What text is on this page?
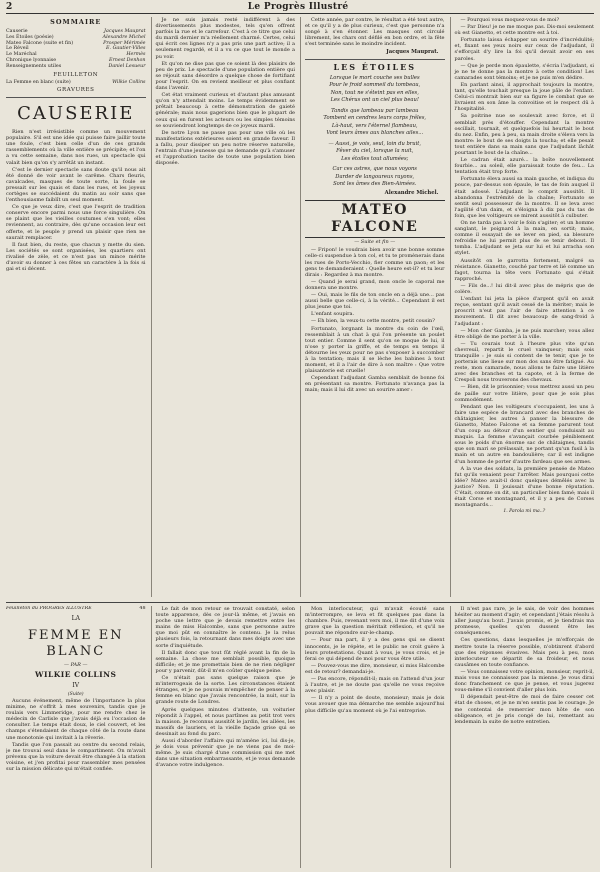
2	Le Progrès Illustré
SOMMAIRE
Causerie	Jacques Mauprat
Les Étoiles (poésie)	Alexandre Michel
Mateo Falcone (suite et fin)	Prosper Mérimée
Le Réveil	E. Gautier-Villes
Le Maréchal	Hermès
Chronique lyonnaise	Ernest Denhon
Renseignements utiles	Daniel Lesueur
FEUILLETON
La Femme en blanc (suite)	Wilkie Collins
GRAVURES
CAUSERIE

Rien n'est irrésistible comme un mouvement populaire. S'il est une idée qui puisse faire jaillir toute une foule, c'est bien celle d'un de ces grands rassemblements où la ville entière se précipite; et l'on a vu cette semaine, dans nos rues, un spectacle qui valait bien qu'on s'y arrêtât un instant.

C'est le dernier spectacle sans doute qu'il nous ait été donné de voir avant le carême. Chars fleuris, cavalcades, masques de toute sorte, la foule se pressait sur les quais et dans les rues, et les joyeux cortèges se succédaient du matin au soir sans que l'enthousiasme faiblît un seul moment.

Ce que je veux dire, c'est que l'esprit de tradition conserve encore parmi nous une force singulière. On se plaint que les vieilles coutumes s'en vont; elles reviennent, au contraire, dès qu'une occasion leur est offerte, et le peuple y prend un plaisir que rien ne saurait remplacer.

Il faut bien, du reste, que chacun y mette du sien. Les sociétés se sont organisées, les quartiers ont rivalisé de zèle, et ce n'est pas un mince mérite d'avoir su donner à ces fêtes un caractère à la fois si gai et si décent.

Je ne suis jamais resté indifférent à des divertissements plus modestes, tels qu'en offrent parfois la rue et le carrefour. C'est à ce titre que celui du mardi dernier m'a réellement charmé. Certes, celui qui écrit ces lignes n'y a pas pris une part active; il a seulement regardé, et il a vu ce que tout le monde a pu voir.

Et qu'on ne dise pas que ce soient là des plaisirs de peu de prix. Le spectacle d'une population entière qui se réjouit sans désordre a quelque chose de fortifiant pour l'esprit. On en revient meilleur et plus confiant dans l'avenir.

Cet état vraiment curieux et d'autant plus amusant qu'on n'y attendait moins. Le temps évidemment se prêtait beaucoup à cette démonstration de gaieté générale; mais nous gagerions bien que le plupart de ceux qui en furent les acteurs ou les simples témoins se souviendront longtemps de ce joyeux mardi.

De notre Lyon ne passe pas pour une ville où les manifestations extérieures soient en grande faveur. Il a fallu, pour dissiper un peu notre réserve naturelle, l'entrain d'une jeunesse qui ne demande qu'à s'amuser et l'approbation tacite de toute une population bien disposée.

Cette année, par contre, le résultat a été tout autre, et ce qu'il y a de plus curieux, c'est que personne n'a songé à s'en étonner. Les masques ont circulé librement, les chars ont défilé en bon ordre, et la fête s'est terminée sans le moindre incident.

Jacques Mauprat.
LES ÉTOILES
Lorsque le mort couche ses bulles
Pour le froid sommeil du tombeau,
Non, tout ne s'éteint pas en elles,
Les Chérus ont un ciel plus beau!
Tandis que lambeau par lambeau
Tombent en cendres leurs corps frêles,
Là-haut, vers l'éternel flambeau,
Vont leurs âmes aux blanches ailes...
— Aussi, je vois, seul, loin du bruit,
Fêver du ciel, lorsque la nuit,
Les étoiles tout allumées;
Car ces astres, que nous voyons
Darder de langoureux rayons,
Sont les âmes des Bien-Aimées.
Alexandre Michel.
MATEO FALCONE
— Suite et fin —

— Fripon! le voudrais bien avoir une bonne somme celle-ci suspendue à ton col, et tu te promènerais dans les rues de Porto-Vecchio, fier comme un paon; et les gens te demanderaient : Quelle heure est-il? et tu leur dirais : Regardez à ma montre.

— Quand je serai grand, mon oncle le caporal me donnera une montre.

— Oui, mais le fils de ton oncle en a déjà une... pas aussi belle que celle-ci, à la vérité... Cependant il est plus jeune que toi.

L'enfant soupira.

— Eh bien, la veux-tu cette montre, petit cousin?

Fortunato, lorgnant la montre du coin de l'œil, ressemblait à un chat à qui l'on présente un poulet tout entier. Comme il sent qu'on se moque de lui, il n'ose y porter la griffe, et de temps en temps il détourne les yeux pour ne pas s'exposer à succomber à la tentation; mais il se lèche les babines à tout moment, et il a l'air de dire à son maître : Que votre plaisanterie est cruelle!

Cependant l'adjudant Gamba semblait de bonne foi en présentant sa montre. Fortunato n'avança pas la main; mais il lui dit avec un sourire amer :

— Pourquoi vous moquez-vous de moi?

— Par Dieu! je ne me moque pas. Dis-moi seulement où est Gianetto, et cette montre est à toi.

Fortunato laissa échapper un sourire d'incrédulité; et, fixant ses yeux noirs sur ceux de l'adjudant, il s'efforçait d'y lire la foi qu'il devait avoir en ses paroles.

— Que je perde mon épaulette, s'écria l'adjudant, si je ne te donne pas la montre à cette condition! Les camarades sont témoins; et je ne puis m'en dédire.

En parlant ainsi, il approchait toujours la montre, tant, qu'elle touchait presque la joue pâle de l'enfant. Celui-ci montrait bien sur sa figure le combat que se livraient en son âme la convoitise et le respect dû à l'hospitalité.

Sa poitrine nue se soulevait avec force, et il semblait près d'étouffer. Cependant la montre oscillait, tournait, et quelquefois lui heurtait le bout du nez. Enfin, peu à peu, sa main droite s'éleva vers la montre: le bout de ses doigts la toucha; et elle pesait tout entière dans sa main sans que l'adjudant lâchât pourtant le bout de la chaîne...

Le cadran était azuré... la boîte nouvellement fourbie... au soleil, elle paraissait toute de feu... La tentation était trop forte.

Fortunato éleva aussi sa main gauche, et indiqua du pouce, par-dessus son épaule, le tas de foin auquel il était adossé. L'adjudant le comprit aussitôt. Il abandonna l'extrémité de la chaîne; Fortunato se sentit seul possesseur de la montre. Il se leva avec l'agilité d'un daim, et s'éloigna à dix pas du tas de foin, que les voltigeurs se mirent aussitôt à culbuter.

On ne tarda pas à voir le foin s'agiter; et un homme sanglant, le poignard à la main, en sortit; mais, comme il essayait de se lever en pied, sa blessure refroidie ne lui permit plus de se tenir debout. Il tomba. L'adjudant se jeta sur lui et lui arracha son stylet.

Aussitôt on le garrotta fortement, malgré sa résistance. Gianetto, couché par terre et lié comme un fagot, tourna la tête vers Fortunato qui s'était rapproché.

— Fils de...! lui dit-il avec plus de mépris que de colère.

L'enfant lui jeta la pièce d'argent qu'il en avait reçue, sentant qu'il avait cessé de la mériter; mais le proscrit n'eut pas l'air de faire attention à ce mouvement. Il dit avec beaucoup de sang-froid à l'adjudant :

— Mon cher Gamba, je ne puis marcher; vous allez être obligé de me porter à la ville.

— Tu courais tout à l'heure plus vite qu'un chevreuil, repartit le cruel vainqueur; mais sois tranquille : je suis si content de te tenir, que je te porterais une lieue sur mon dos sans être fatigué. Au reste, mon camarade, nous allons te faire une litière avec des branches et ta capote, et à la ferme de Crespoli nous trouverons des chevaux.

— Bien, dit le prisonnier; vous mettrez aussi un peu de paille sur votre litière, pour que je sois plus commodément.

Pendant que les voltigeurs s'occupaient, les uns à faire une espèce de brancard avec des branches de châtaignier, les autres à panser la blessure de Gianetto, Mateo Falcone et sa femme parurent tout d'un coup au détour d'un sentier qui conduisait au maquis. La femme s'avançait courbée péniblement sous le poids d'un énorme sac de châtaignes, tandis que son mari se prélassait, ne portant qu'un fusil à la main et un autre en bandoulière; car il est indigne d'un homme de porter d'autre fardeau que ses armes.

A la vue des soldats, la première pensée de Mateo fut qu'ils venaient pour l'arrêter. Mais pourquoi cette idée? Mateo avait-il donc quelques démêlés avec la justice? Non. Il jouissait d'une bonne réputation. C'était, comme on dit, un particulier bien famé; mais il était Corse et montagnard, et il y a peu de Corses montagnards...

1. Parola mi ma..?
Feuilleton du PROGRÈS ILLUSTRÉ	48
LA
FEMME EN BLANC
— PAR —
WILKIE COLLINS
IV
(Suite)

Aucuns événement, même de l'importance la plus minime, ne s'offrit à mes souvenirs, tandis que je roulais vers Limmeridge, pour me rendre chez le médecin de Carlisle que j'avais déjà eu l'occasion de consulter. Le temps était doux, le ciel couvert, et les champs s'étendaient de chaque côté de la route dans une monotonie qui invitait à la rêverie.

Tandis que l'on passait au centre du second relais, je me trouvai seul dans le compartiment. On m'avait prévenu que la voiture devait être changée à la station voisine, et j'en profitai pour rassembler mes pensées sur la mission délicate qui m'était confiée.

Le fait de mon retour se trouvait constaté, selon toute apparence, dès ce jour-là même, et j'avais en poche une lettre que je devais remettre entre les mains de miss Halcombe, sans que personne autre que moi pût en connaître le contenu. Je la relus plusieurs fois, la retournant dans mes doigts avec une sorte d'inquiétude.

Il fallait donc que tout fût réglé avant la fin de la semaine. La chose me semblait possible, quoique difficile; et je me promettais bien de ne rien négliger pour y parvenir, dût-il m'en coûter quelque peine.

Ce n'était pas sans quelque raison que je m'interrogeais de la sorte. Les circonstances étaient étranges, et je ne pouvais m'empêcher de penser à la femme en blanc que j'avais rencontrée, la nuit, sur la grande route de Londres.

Après quelques minutes d'attente, un voiturier répondit à l'appel, et nous partîmes au petit trot vers la maison. Je reconnus aussitôt le jardin, les allées, les massifs de lauriers, et la vieille façade grise qui se dessinait au fond du parc.

Aussi d'aborder l'affaire qui m'amène ici, lui dis-je, je dois vous prévenir que je ne viens pas de moi-même. Je suis chargé d'une commission qui me met dans une situation embarrassante, et je vous demande d'avance votre indulgence.

Mon interlocuteur, qui m'avait écouté sans m'interrompre, se leva et fit quelques pas dans la chambre. Puis, revenant vers moi, il me dit d'une voix grave que la question méritait réflexion, et qu'il ne pouvait me répondre sur-le-champ.

— Pour ma part, il y a des gens qui se disent innocents, je le répète, et le public ne croit guère à leurs protestations. Quant à vous, je vous crois, et je ferai ce qui dépend de moi pour vous être utile.

— Pouvez-vous me dire, monsieur, si miss Halcombe est de retour? demandai-je.

— Pas encore, répondit-il; mais on l'attend d'un jour à l'autre, et je ne doute pas qu'elle ne vous reçoive avec plaisir.

— Il n'y a point de doute, monsieur; mais je dois vous avouer que ma démarche me semble aujourd'hui plus difficile qu'au moment où je l'ai entreprise.

Il n'est pas rare, je le sais, de voir des hommes hésiter au moment d'agir; et cependant j'étais résolu à aller jusqu'au bout. J'avais promis, et je tiendrais ma promesse, quelles qu'en dussent être les conséquences.

Ces questions, dans lesquelles je m'efforçais de mettre toute la réserve possible, n'obtinrent d'abord que des réponses évasives. Mais peu à peu, mon interlocuteur se départit de sa froideur, et nous causâmes en toute confiance.

— Vous connaissez votre opinion, monsieur, reprit-il, mais vous ne connaissez pas la mienne. Je vous dirai donc franchement ce que je pense, et vous jugerez vous-même s'il convient d'aller plus loin.

Il dépendait peut-être de moi de faire cesser cet état de choses, et je ne m'en sentis pas le courage. Je me contentai de remercier mon hôte de son obligeance, et je pris congé de lui, remettant au lendemain la suite de notre entretien.
